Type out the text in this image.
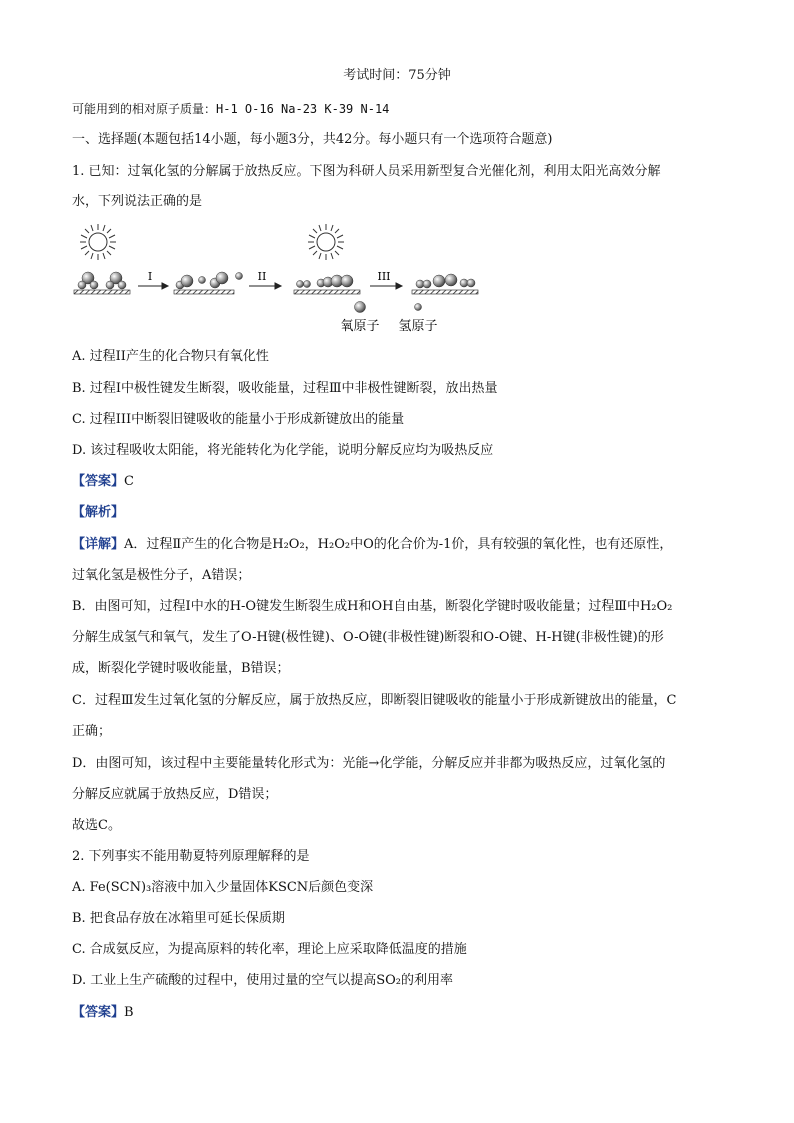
考试时间：75分钟
可能用到的相对原子质量：H-1 O-16 Na-23 K-39 N-14
一、选择题(本题包括14小题，每小题3分，共42分。每小题只有一个选项符合题意)
1. 已知：过氧化氢的分解属于放热反应。下图为科研人员采用新型复合光催化剂，利用太阳光高效分解
水，下列说法正确的是
I	II	III
氧原子 氢原子
A. 过程II产生的化合物只有氧化性
B. 过程I中极性键发生断裂，吸收能量，过程Ⅲ中非极性键断裂，放出热量
C. 过程III中断裂旧键吸收的能量小于形成新键放出的能量
D. 该过程吸收太阳能，将光能转化为化学能，说明分解反应均为吸热反应
【答案】C
【解析】
【详解】A．过程Ⅱ产生的化合物是H₂O₂，H₂O₂中O的化合价为-1价，具有较强的氧化性，也有还原性，
过氧化氢是极性分子，A错误；
B．由图可知，过程Ⅰ中水的H-O键发生断裂生成H和OH自由基，断裂化学键时吸收能量；过程Ⅲ中H₂O₂
分解生成氢气和氧气，发生了O-H键(极性键)、O-O键(非极性键)断裂和O-O键、H-H键(非极性键)的形
成，断裂化学键时吸收能量，B错误；
C．过程Ⅲ发生过氧化氢的分解反应，属于放热反应，即断裂旧键吸收的能量小于形成新键放出的能量，C
正确；
D．由图可知，该过程中主要能量转化形式为：光能→化学能，分解反应并非都为吸热反应，过氧化氢的
分解反应就属于放热反应，D错误；
故选C。
2. 下列事实不能用勒夏特列原理解释的是
A. Fe(SCN)₃溶液中加入少量固体KSCN后颜色变深
B. 把食品存放在冰箱里可延长保质期
C. 合成氨反应，为提高原料的转化率，理论上应采取降低温度的措施
D. 工业上生产硫酸的过程中，使用过量的空气以提高SO₂的利用率
【答案】B
